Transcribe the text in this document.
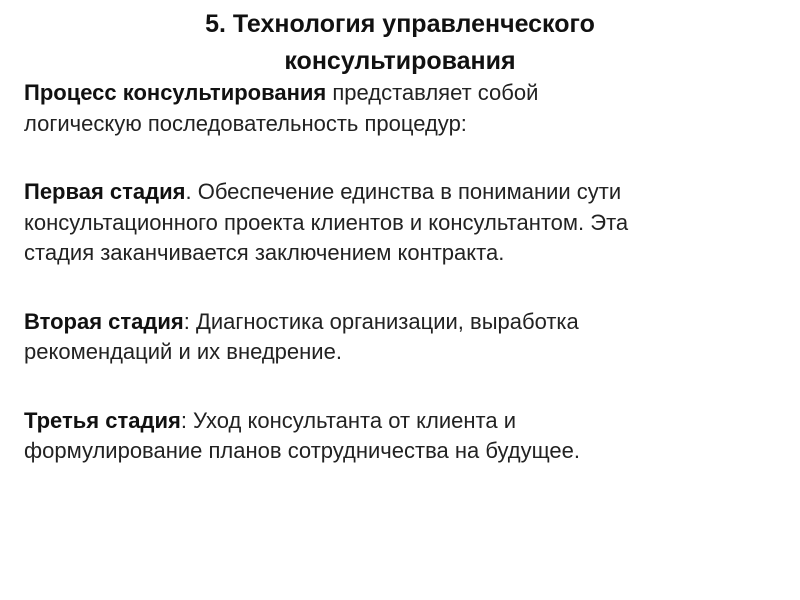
5. Технология управленческого
консультирования

Процесс консультирования представляет собой
логическую последовательность процедур:

Первая стадия. Обеспечение единства в понимании сути
консультационного проекта клиентов и консультантом. Эта
стадия заканчивается заключением контракта.

Вторая стадия: Диагностика организации, выработка
рекомендаций и их внедрение.

Третья стадия: Уход консультанта от клиента и
формулирование планов сотрудничества на будущее.
